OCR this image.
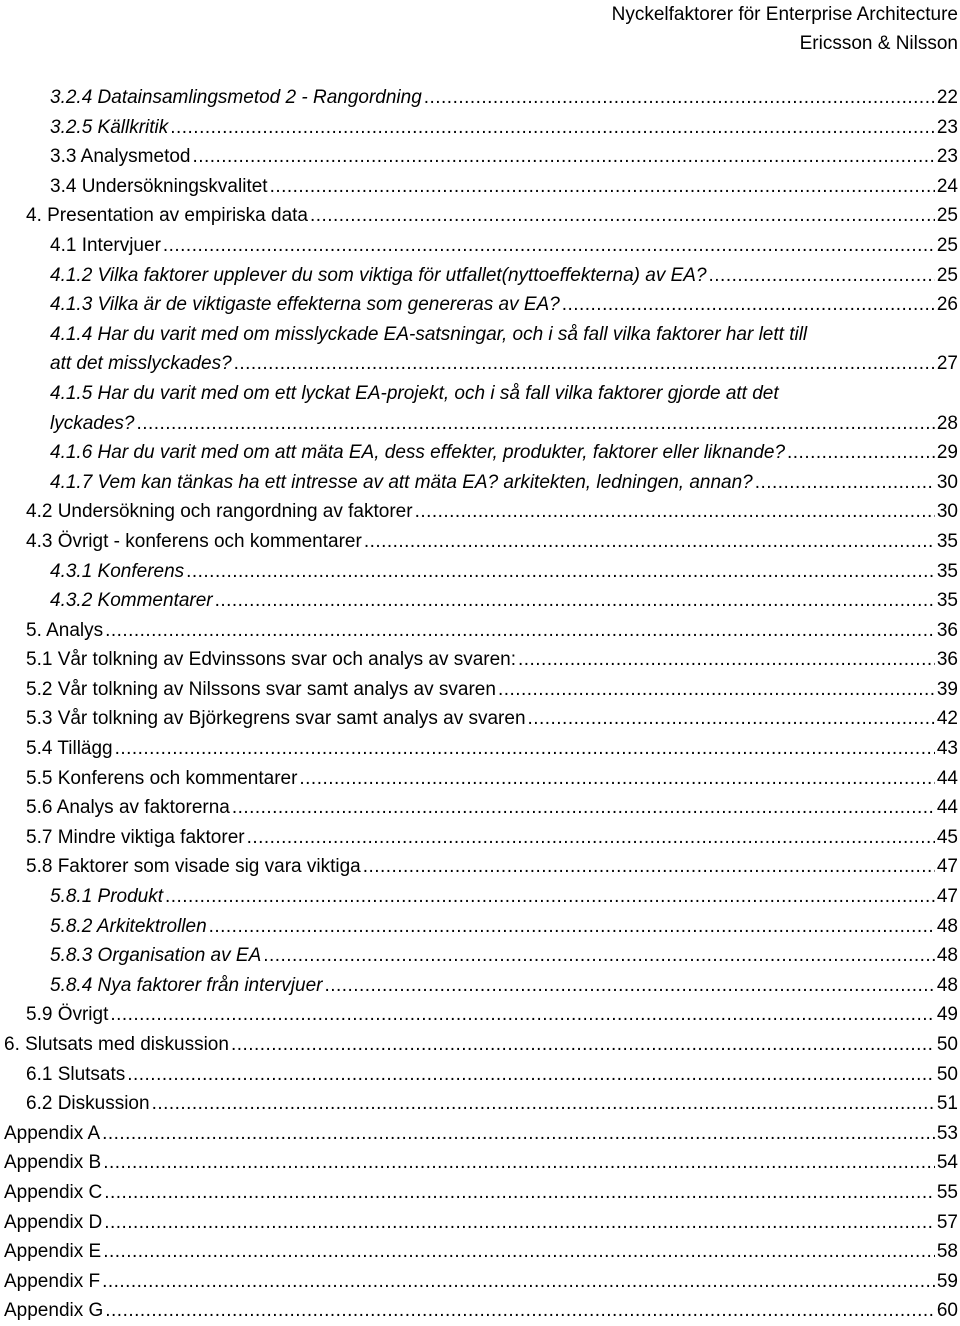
Nyckelfaktorer för Enterprise Architecture
Ericsson & Nilsson
3.2.4 Datainsamlingsmetod 2 - Rangordning . . .	22
3.2.5 Källkritik . . .	23
3.3 Analysmetod . . .	23
3.4 Undersökningskvalitet . . .	24
4. Presentation av empiriska data . . .	25
4.1 Intervjuer . . .	25
4.1.2 Vilka faktorer upplever du som viktiga för utfallet(nyttoeffekterna) av EA? . . .	25
4.1.3 Vilka är de viktigaste effekterna som genereras av EA? . . .	26
4.1.4 Har du varit med om misslyckade EA-satsningar, och i så fall vilka faktorer har lett till
att det misslyckades? . . .	27
4.1.5 Har du varit med om ett lyckat EA-projekt, och i så fall vilka faktorer gjorde att det
lyckades? . . .	28
4.1.6 Har du varit med om att mäta EA, dess effekter, produkter, faktorer eller liknande? . . .	29
4.1.7 Vem kan tänkas ha ett intresse av att mäta EA? arkitekten, ledningen, annan? . . .	30
4.2 Undersökning och rangordning av faktorer . . .	30
4.3 Övrigt - konferens och kommentarer . . .	35
4.3.1 Konferens . . .	35
4.3.2 Kommentarer . . .	35
5. Analys . . .	36
5.1 Vår tolkning av Edvinssons svar och analys av svaren: . . .	36
5.2 Vår tolkning av Nilssons svar samt analys av svaren . . .	39
5.3 Vår tolkning av Björkegrens svar samt analys av svaren . . .	42
5.4 Tillägg . . .	43
5.5 Konferens och kommentarer . . .	44
5.6 Analys av faktorerna . . .	44
5.7 Mindre viktiga faktorer . . .	45
5.8 Faktorer som visade sig vara viktiga . . .	47
5.8.1 Produkt . . .	47
5.8.2 Arkitektrollen . . .	48
5.8.3 Organisation av EA . . .	48
5.8.4 Nya faktorer från intervjuer . . .	48
5.9 Övrigt . . .	49
6. Slutsats med diskussion . . .	50
6.1 Slutsats . . .	50
6.2 Diskussion . . .	51
Appendix A . . .	53
Appendix B . . .	54
Appendix C . . .	55
Appendix D . . .	57
Appendix E . . .	58
Appendix F . . .	59
Appendix G . . .	60
